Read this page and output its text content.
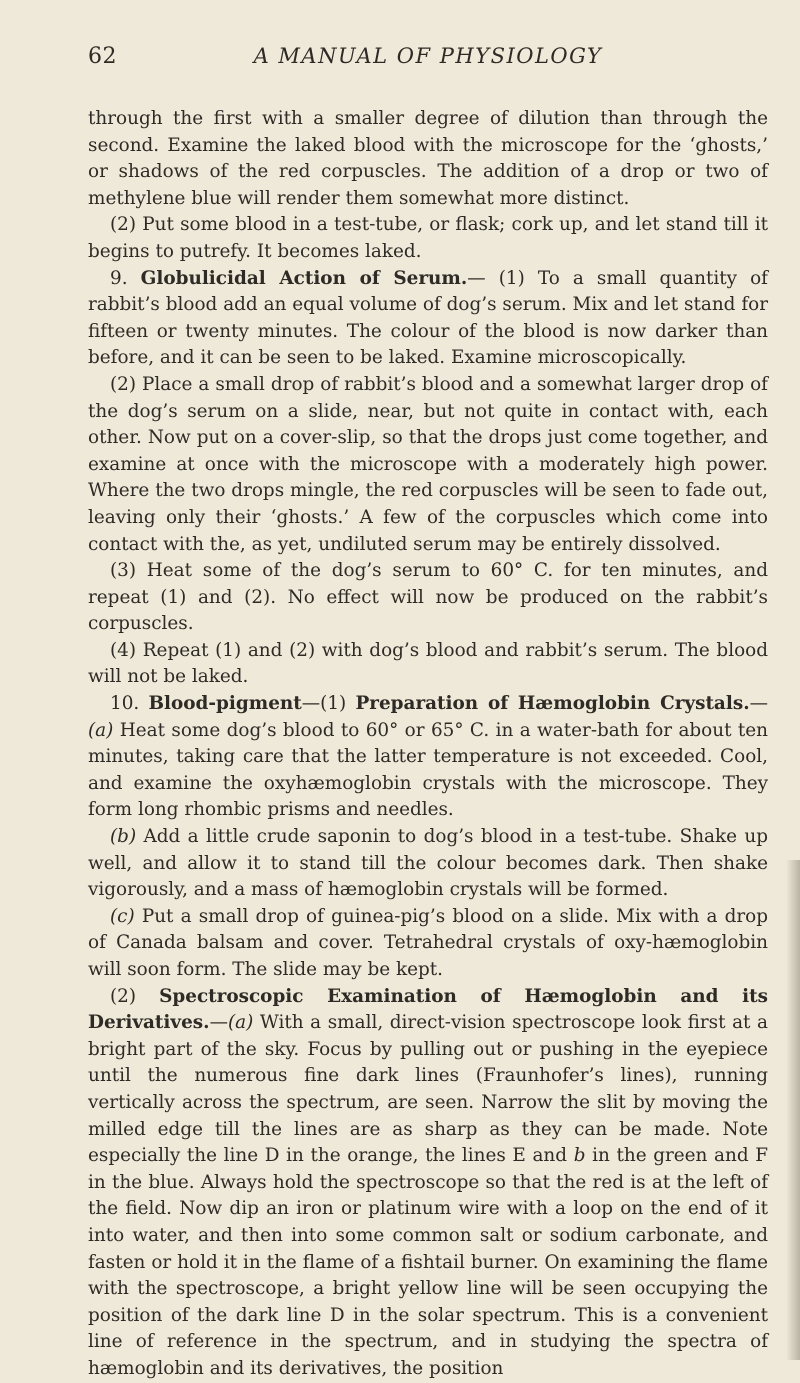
62	A MANUAL OF PHYSIOLOGY

through the first with a smaller degree of dilution than through the second. Examine the laked blood with the microscope for the ‘ghosts,’ or shadows of the red corpuscles. The addition of a drop or two of methylene blue will render them somewhat more distinct.

(2) Put some blood in a test-tube, or flask; cork up, and let stand till it begins to putrefy. It becomes laked.

9. Globulicidal Action of Serum.— (1) To a small quantity of rabbit’s blood add an equal volume of dog’s serum. Mix and let stand for fifteen or twenty minutes. The colour of the blood is now darker than before, and it can be seen to be laked. Examine microscopically.

(2) Place a small drop of rabbit’s blood and a somewhat larger drop of the dog’s serum on a slide, near, but not quite in contact with, each other. Now put on a cover-slip, so that the drops just come together, and examine at once with the microscope with a moderately high power. Where the two drops mingle, the red corpuscles will be seen to fade out, leaving only their ‘ghosts.’ A few of the corpuscles which come into contact with the, as yet, undiluted serum may be entirely dissolved.

(3) Heat some of the dog’s serum to 60° C. for ten minutes, and repeat (1) and (2). No effect will now be produced on the rabbit’s corpuscles.

(4) Repeat (1) and (2) with dog’s blood and rabbit’s serum. The blood will not be laked.

10. Blood-pigment—(1) Preparation of Hæmoglobin Crystals.—(a) Heat some dog’s blood to 60° or 65° C. in a water-bath for about ten minutes, taking care that the latter temperature is not exceeded. Cool, and examine the oxyhæmoglobin crystals with the microscope. They form long rhombic prisms and needles.

(b) Add a little crude saponin to dog’s blood in a test-tube. Shake up well, and allow it to stand till the colour becomes dark. Then shake vigorously, and a mass of hæmoglobin crystals will be formed.

(c) Put a small drop of guinea-pig’s blood on a slide. Mix with a drop of Canada balsam and cover. Tetrahedral crystals of oxy-hæmoglobin will soon form. The slide may be kept.

(2) Spectroscopic Examination of Hæmoglobin and its Derivatives.—(a) With a small, direct-vision spectroscope look first at a bright part of the sky. Focus by pulling out or pushing in the eyepiece until the numerous fine dark lines (Fraunhofer’s lines), running vertically across the spectrum, are seen. Narrow the slit by moving the milled edge till the lines are as sharp as they can be made. Note especially the line D in the orange, the lines E and b in the green and F in the blue. Always hold the spectroscope so that the red is at the left of the field. Now dip an iron or platinum wire with a loop on the end of it into water, and then into some common salt or sodium carbonate, and fasten or hold it in the flame of a fishtail burner. On examining the flame with the spectroscope, a bright yellow line will be seen occupying the position of the dark line D in the solar spectrum. This is a convenient line of reference in the spectrum, and in studying the spectra of hæmoglobin and its derivatives, the position
